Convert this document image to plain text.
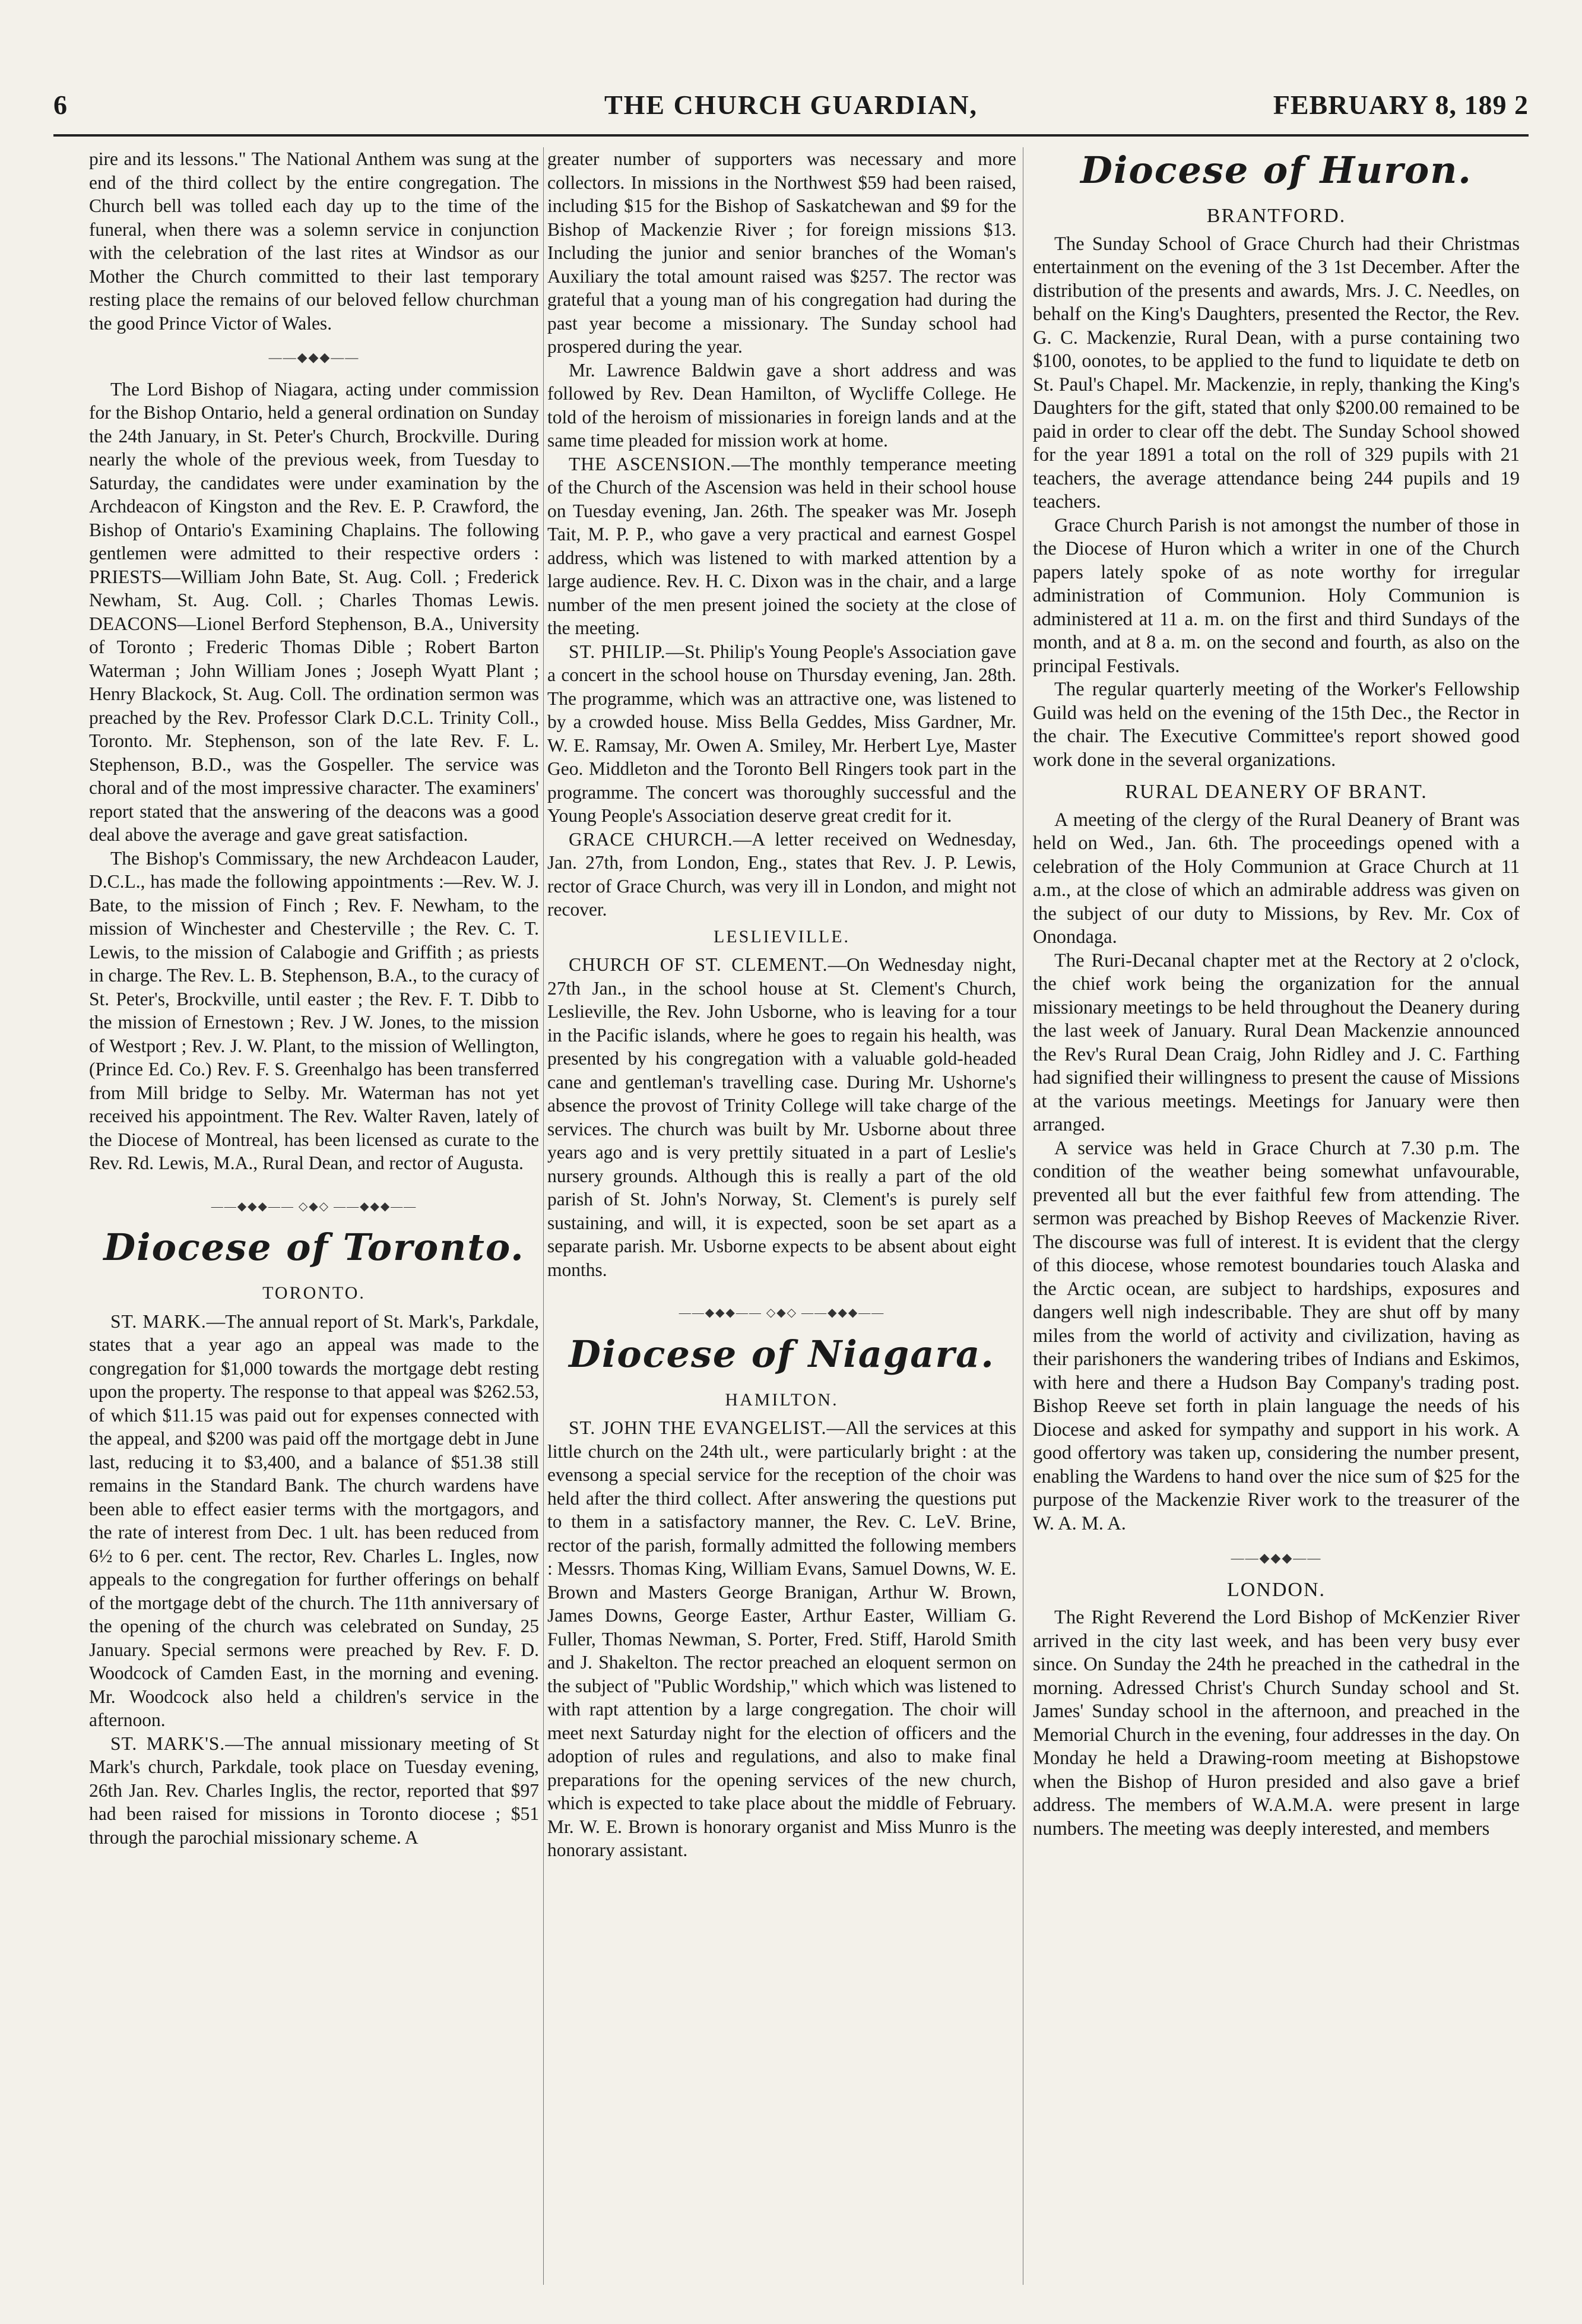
6	THE CHURCH GUARDIAN,	FEBRUARY 8, 189 2

pire and its lessons." The National Anthem was sung at the end of the third collect by the entire congregation. The Church bell was tolled each day up to the time of the funeral, when there was a solemn service in conjunction with the celebration of the last rites at Windsor as our Mother the Church committed to their last temporary resting place the remains of our beloved fellow churchman the good Prince Victor of Wales.

——◆◆◆——

The Lord Bishop of Niagara, acting under commission for the Bishop Ontario, held a general ordination on Sunday the 24th January, in St. Peter's Church, Brockville. During nearly the whole of the previous week, from Tuesday to Saturday, the candidates were under examination by the Archdeacon of Kingston and the Rev. E. P. Crawford, the Bishop of Ontario's Examining Chaplains. The following gentlemen were admitted to their respective orders : PRIESTS—William John Bate, St. Aug. Coll. ; Frederick Newham, St. Aug. Coll. ; Charles Thomas Lewis. DEACONS—Lionel Berford Stephenson, B.A., University of Toronto ; Frederic Thomas Dible ; Robert Barton Waterman ; John William Jones ; Joseph Wyatt Plant ; Henry Blackock, St. Aug. Coll. The ordination sermon was preached by the Rev. Professor Clark D.C.L. Trinity Coll., Toronto. Mr. Stephenson, son of the late Rev. F. L. Stephenson, B.D., was the Gospeller. The service was choral and of the most impressive character. The examiners' report stated that the answering of the deacons was a good deal above the average and gave great satisfaction.

The Bishop's Commissary, the new Archdeacon Lauder, D.C.L., has made the following appointments :—Rev. W. J. Bate, to the mission of Finch ; Rev. F. Newham, to the mission of Winchester and Chesterville ; the Rev. C. T. Lewis, to the mission of Calabogie and Griffith ; as priests in charge. The Rev. L. B. Stephenson, B.A., to the curacy of St. Peter's, Brockville, until easter ; the Rev. F. T. Dibb to the mission of Ernestown ; Rev. J W. Jones, to the mission of Westport ; Rev. J. W. Plant, to the mission of Wellington, (Prince Ed. Co.) Rev. F. S. Greenhalgo has been transferred from Mill bridge to Selby. Mr. Waterman has not yet received his appointment. The Rev. Walter Raven, lately of the Diocese of Montreal, has been licensed as curate to the Rev. Rd. Lewis, M.A., Rural Dean, and rector of Augusta.

——◆◆◆—— ◇◆◇ ——◆◆◆——
Diocese of Toronto.
TORONTO.

ST. MARK.—The annual report of St. Mark's, Parkdale, states that a year ago an appeal was made to the congregation for $1,000 towards the mortgage debt resting upon the property. The response to that appeal was $262.53, of which $11.15 was paid out for expenses connected with the appeal, and $200 was paid off the mortgage debt in June last, reducing it to $3,400, and a balance of $51.38 still remains in the Standard Bank. The church wardens have been able to effect easier terms with the mortgagors, and the rate of interest from Dec. 1 ult. has been reduced from 6½ to 6 per. cent. The rector, Rev. Charles L. Ingles, now appeals to the congregation for further offerings on behalf of the mortgage debt of the church. The 11th anniversary of the opening of the church was celebrated on Sunday, 25 January. Special sermons were preached by Rev. F. D. Woodcock of Camden East, in the morning and evening. Mr. Woodcock also held a children's service in the afternoon.

ST. MARK'S.—The annual missionary meeting of St Mark's church, Parkdale, took place on Tuesday evening, 26th Jan. Rev. Charles Inglis, the rector, reported that $97 had been raised for missions in Toronto diocese ; $51 through the parochial missionary scheme. A

greater number of supporters was necessary and more collectors. In missions in the Northwest $59 had been raised, including $15 for the Bishop of Saskatchewan and $9 for the Bishop of Mackenzie River ; for foreign missions $13. Including the junior and senior branches of the Woman's Auxiliary the total amount raised was $257. The rector was grateful that a young man of his congregation had during the past year become a missionary. The Sunday school had prospered during the year.

Mr. Lawrence Baldwin gave a short address and was followed by Rev. Dean Hamilton, of Wycliffe College. He told of the heroism of missionaries in foreign lands and at the same time pleaded for mission work at home.

THE ASCENSION.—The monthly temperance meeting of the Church of the Ascension was held in their school house on Tuesday evening, Jan. 26th. The speaker was Mr. Joseph Tait, M. P. P., who gave a very practical and earnest Gospel address, which was listened to with marked attention by a large audience. Rev. H. C. Dixon was in the chair, and a large number of the men present joined the society at the close of the meeting.

ST. PHILIP.—St. Philip's Young People's Association gave a concert in the school house on Thursday evening, Jan. 28th. The programme, which was an attractive one, was listened to by a crowded house. Miss Bella Geddes, Miss Gardner, Mr. W. E. Ramsay, Mr. Owen A. Smiley, Mr. Herbert Lye, Master Geo. Middleton and the Toronto Bell Ringers took part in the programme. The concert was thoroughly successful and the Young People's Association deserve great credit for it.

GRACE CHURCH.—A letter received on Wednesday, Jan. 27th, from London, Eng., states that Rev. J. P. Lewis, rector of Grace Church, was very ill in London, and might not recover.

LESLIEVILLE.

CHURCH OF ST. CLEMENT.—On Wednesday night, 27th Jan., in the school house at St. Clement's Church, Leslieville, the Rev. John Usborne, who is leaving for a tour in the Pacific islands, where he goes to regain his health, was presented by his congregation with a valuable gold-headed cane and gentleman's travelling case. During Mr. Ushorne's absence the provost of Trinity College will take charge of the services. The church was built by Mr. Usborne about three years ago and is very prettily situated in a part of Leslie's nursery grounds. Although this is really a part of the old parish of St. John's Norway, St. Clement's is purely self sustaining, and will, it is expected, soon be set apart as a separate parish. Mr. Usborne expects to be absent about eight months.

——◆◆◆—— ◇◆◇ ——◆◆◆——
Diocese of Niagara.
HAMILTON.

ST. JOHN THE EVANGELIST.—All the services at this little church on the 24th ult., were particularly bright : at the evensong a special service for the reception of the choir was held after the third collect. After answering the questions put to them in a satisfactory manner, the Rev. C. LeV. Brine, rector of the parish, formally admitted the following members : Messrs. Thomas King, William Evans, Samuel Downs, W. E. Brown and Masters George Branigan, Arthur W. Brown, James Downs, George Easter, Arthur Easter, William G. Fuller, Thomas Newman, S. Porter, Fred. Stiff, Harold Smith and J. Shakelton. The rector preached an eloquent sermon on the subject of "Public Wordship," which which was listened to with rapt attention by a large congregation. The choir will meet next Saturday night for the election of officers and the adoption of rules and regulations, and also to make final preparations for the opening services of the new church, which is expected to take place about the middle of February. Mr. W. E. Brown is honorary organist and Miss Munro is the honorary assistant.

Diocese of Huron.
BRANTFORD.

The Sunday School of Grace Church had their Christmas entertainment on the evening of the 3 1st December. After the distribution of the presents and awards, Mrs. J. C. Needles, on behalf on the King's Daughters, presented the Rector, the Rev. G. C. Mackenzie, Rural Dean, with a purse containing two $100, oonotes, to be applied to the fund to liquidate te detb on St. Paul's Chapel. Mr. Mackenzie, in reply, thanking the King's Daughters for the gift, stated that only $200.00 remained to be paid in order to clear off the debt. The Sunday School showed for the year 1891 a total on the roll of 329 pupils with 21 teachers, the average attendance being 244 pupils and 19 teachers.

Grace Church Parish is not amongst the number of those in the Diocese of Huron which a writer in one of the Church papers lately spoke of as note worthy for irregular administration of Communion. Holy Communion is administered at 11 a. m. on the first and third Sundays of the month, and at 8 a. m. on the second and fourth, as also on the principal Festivals.

The regular quarterly meeting of the Worker's Fellowship Guild was held on the evening of the 15th Dec., the Rector in the chair. The Executive Committee's report showed good work done in the several organizations.

RURAL DEANERY OF BRANT.

A meeting of the clergy of the Rural Deanery of Brant was held on Wed., Jan. 6th. The proceedings opened with a celebration of the Holy Communion at Grace Church at 11 a.m., at the close of which an admirable address was given on the subject of our duty to Missions, by Rev. Mr. Cox of Onondaga.

The Ruri-Decanal chapter met at the Rectory at 2 o'clock, the chief work being the organization for the annual missionary meetings to be held throughout the Deanery during the last week of January. Rural Dean Mackenzie announced the Rev's Rural Dean Craig, John Ridley and J. C. Farthing had signified their willingness to present the cause of Missions at the various meetings. Meetings for January were then arranged.

A service was held in Grace Church at 7.30 p.m. The condition of the weather being somewhat unfavourable, prevented all but the ever faithful few from attending. The sermon was preached by Bishop Reeves of Mackenzie River. The discourse was full of interest. It is evident that the clergy of this diocese, whose remotest boundaries touch Alaska and the Arctic ocean, are subject to hardships, exposures and dangers well nigh indescribable. They are shut off by many miles from the world of activity and civilization, having as their parishoners the wandering tribes of Indians and Eskimos, with here and there a Hudson Bay Company's trading post. Bishop Reeve set forth in plain language the needs of his Diocese and asked for sympathy and support in his work. A good offertory was taken up, considering the number present, enabling the Wardens to hand over the nice sum of $25 for the purpose of the Mackenzie River work to the treasurer of the W. A. M. A.

——◆◆◆——
LONDON.

The Right Reverend the Lord Bishop of McKenzier River arrived in the city last week, and has been very busy ever since. On Sunday the 24th he preached in the cathedral in the morning. Adressed Christ's Church Sunday school and St. James' Sunday school in the afternoon, and preached in the Memorial Church in the evening, four addresses in the day. On Monday he held a Drawing-room meeting at Bishopstowe when the Bishop of Huron presided and also gave a brief address. The members of W.A.M.A. were present in large numbers. The meeting was deeply interested, and members
